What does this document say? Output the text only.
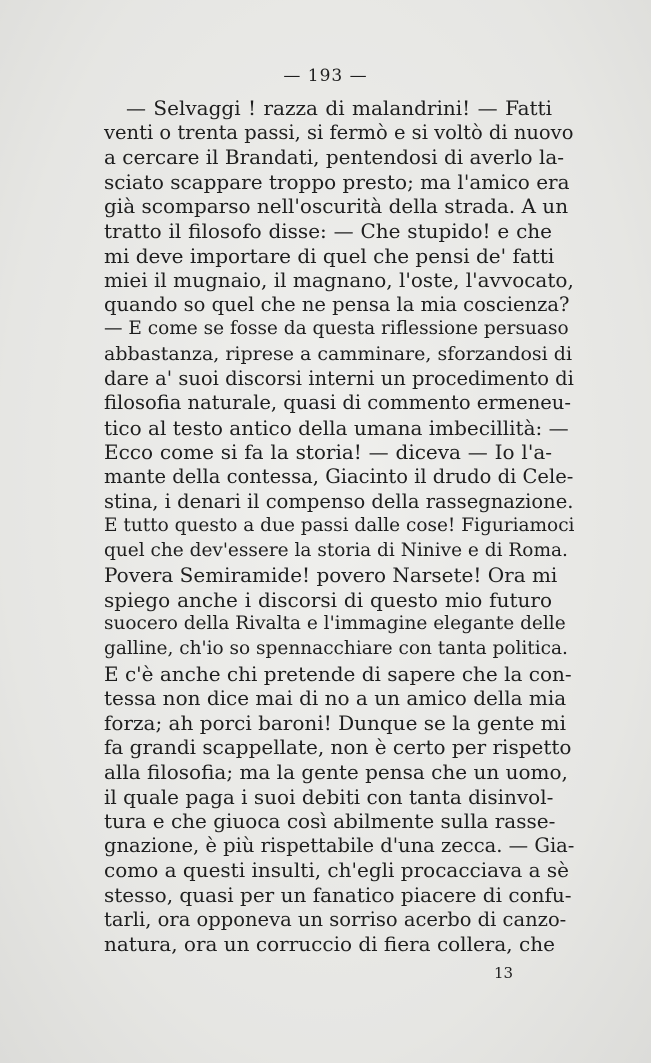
— 193 —
— Selvaggi ! razza di malandrini! — Fatti
venti o trenta passi, si fermò e si voltò di nuovo
a cercare il Brandati, pentendosi di averlo la-
sciato scappare troppo presto; ma l'amico era
già scomparso nell'oscurità della strada. A un
tratto il filosofo disse: — Che stupido! e che
mi deve importare di quel che pensi de' fatti
miei il mugnaio, il magnano, l'oste, l'avvocato,
quando so quel che ne pensa la mia coscienza?
— E come se fosse da questa riflessione persuaso
abbastanza, riprese a camminare, sforzandosi di
dare a' suoi discorsi interni un procedimento di
filosofia naturale, quasi di commento ermeneu-
tico al testo antico della umana imbecillità: —
Ecco come si fa la storia! — diceva — Io l'a-
mante della contessa, Giacinto il drudo di Cele-
stina, i denari il compenso della rassegnazione.
E tutto questo a due passi dalle cose! Figuriamoci
quel che dev'essere la storia di Ninive e di Roma.
Povera Semiramide! povero Narsete! Ora mi
spiego anche i discorsi di questo mio futuro
suocero della Rivalta e l'immagine elegante delle
galline, ch'io so spennacchiare con tanta politica.
E c'è anche chi pretende di sapere che la con-
tessa non dice mai di no a un amico della mia
forza; ah porci baroni! Dunque se la gente mi
fa grandi scappellate, non è certo per rispetto
alla filosofia; ma la gente pensa che un uomo,
il quale paga i suoi debiti con tanta disinvol-
tura e che giuoca così abilmente sulla rasse-
gnazione, è più rispettabile d'una zecca. — Gia-
como a questi insulti, ch'egli procacciava a sè
stesso, quasi per un fanatico piacere di confu-
tarli, ora opponeva un sorriso acerbo di canzo-
natura, ora un corruccio di fiera collera, che
13
